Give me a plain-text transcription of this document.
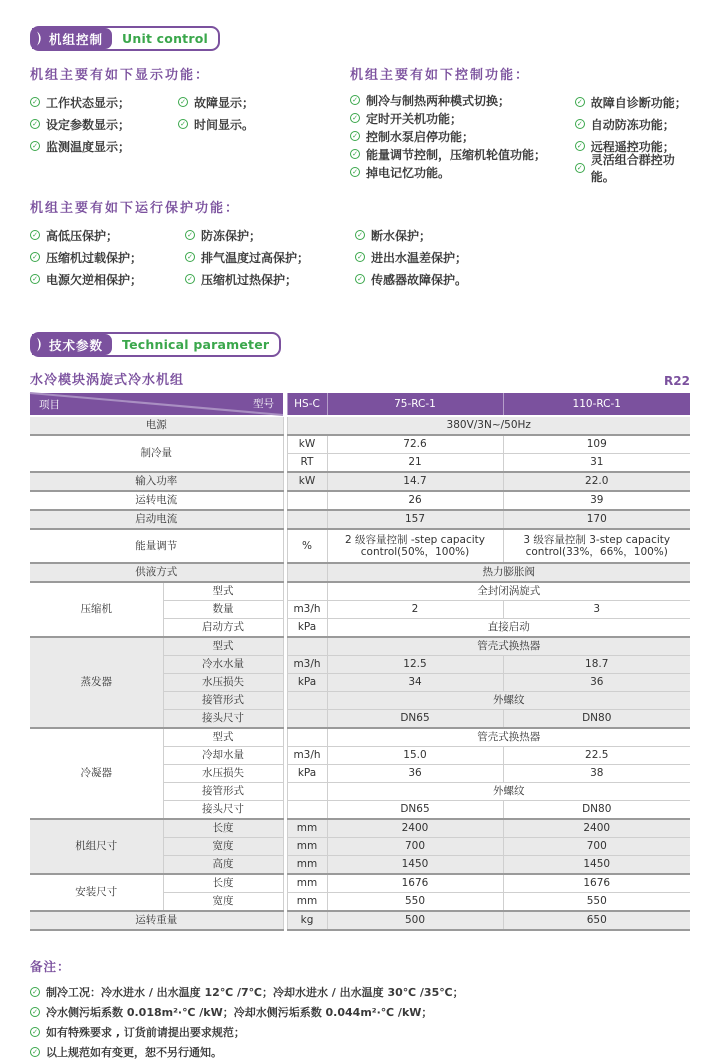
机组控制	Unit control
机组主要有如下显示功能：
✓ 工作状态显示；
✓ 设定参数显示；
✓ 监测温度显示；
✓ 故障显示；
✓ 时间显示。
机组主要有如下控制功能：
✓ 制冷与制热两种模式切换；
✓ 定时开关机功能；
✓ 控制水泵启停功能；
✓ 能量调节控制，压缩机轮值功能；
✓ 掉电记忆功能。
✓ 故障自诊断功能；
✓ 自动防冻功能；
✓ 远程遥控功能；
✓
灵活组合群控功能。
机组主要有如下运行保护功能：
✓ 高低压保护；
✓ 压缩机过载保护；
✓ 电源欠逆相保护；
✓ 防冻保护；
✓ 排气温度过高保护；
✓ 压缩机过热保护；
✓ 断水保护；
✓ 进出水温差保护；
✓ 传感器故障保护。
技术参数	Technical parameter
水冷模块涡旋式冷水机组	R22
项目 型号			HS-C	75-RC-1	110-RC-1
电源			380V/3N~/50Hz		
制冷量			kW	72.6	109
			RT	21	31
输入功率			kW	14.7	22.0
运转电流				26	39
启动电流				157	170
能量调节			%	2 级容量控制 -step capacity control(50%，100%)	3 级容量控制 3-step capacity control(33%，66%，100%)
供液方式				热力膨胀阀	
压缩机	型式			全封闭涡旋式	
	数量		m3/h	2	3
	启动方式		kPa	直接启动	
蒸发器	型式			管壳式换热器	
	冷水水量		m3/h	12.5	18.7
	水压损失		kPa	34	36
	接管形式			外螺纹	
	接头尺寸			DN65	DN80
冷凝器	型式			管壳式换热器	
	冷却水量		m3/h	15.0	22.5
	水压损失		kPa	36	38
	接管形式			外螺纹	
	接头尺寸			DN65	DN80
机组尺寸	长度		mm	2400	2400
	宽度		mm	700	700
	高度		mm	1450	1450
安装尺寸	长度		mm	1676	1676
	宽度		mm	550	550
运转重量			kg	500	650
备注：
✓ 制冷工况：冷水进水 / 出水温度 12℃ /7℃；冷却水进水 / 出水温度 30℃ /35℃；
✓ 冷水侧污垢系数 0.018m²·℃ /kW；冷却水侧污垢系数 0.044m²·℃ /kW；
✓ 如有特殊要求 , 订货前请提出要求规范；
✓ 以上规范如有变更，恕不另行通知。
